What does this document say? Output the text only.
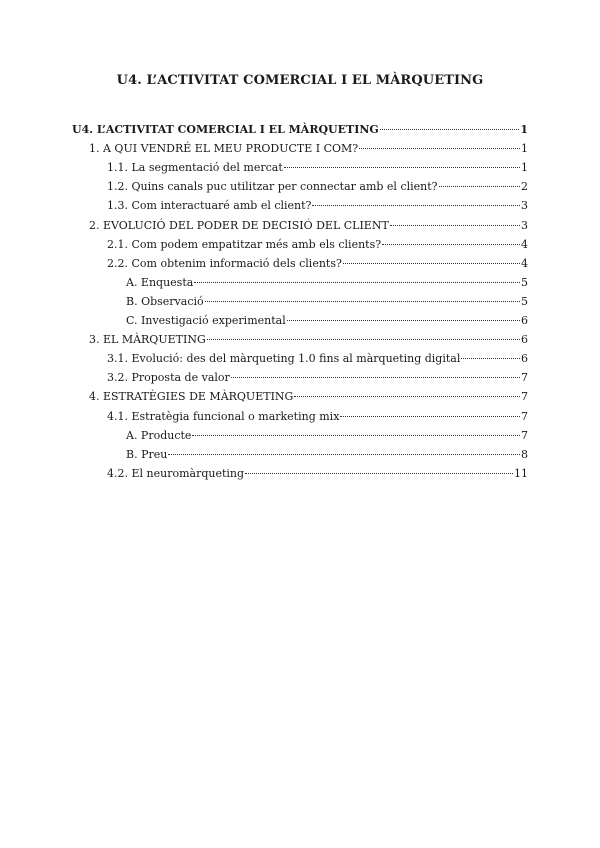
U4. L’ACTIVITAT COMERCIAL I EL MÀRQUETING
U4. L’ACTIVITAT COMERCIAL I EL MÀRQUETING	1
1. A QUI VENDRÉ EL MEU PRODUCTE I COM?	1
1.1. La segmentació del mercat	1
1.2. Quins canals puc utilitzar per connectar amb el client?	2
1.3. Com interactuaré amb el client?	3
2. EVOLUCIÓ DEL PODER DE DECISIÓ DEL CLIENT	3
2.1. Com podem empatitzar més amb els clients?	4
2.2. Com obtenim informació dels clients?	4
A. Enquesta	5
B. Observació	5
C. Investigació experimental	6
3. EL MÀRQUETING	6
3.1. Evolució: des del màrqueting 1.0 fins al màrqueting digital	6
3.2. Proposta de valor	7
4. ESTRATÈGIES DE MÀRQUETING	7
4.1. Estratègia funcional o marketing mix	7
A. Producte	7
B. Preu	8
4.2. El neuromàrqueting	11
